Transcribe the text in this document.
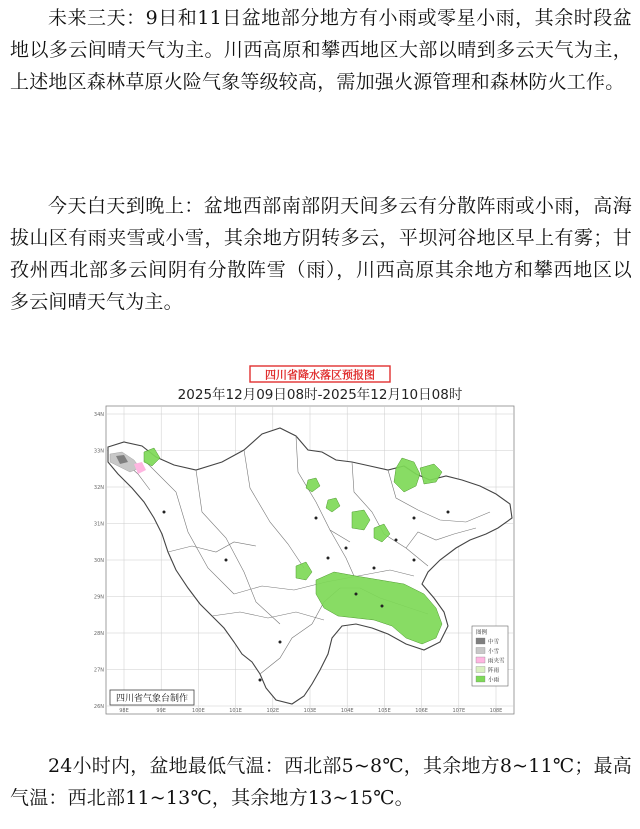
未来三天：9日和11日盆地部分地方有小雨或零星小雨，其余时段盆地以多云间晴天气为主。川西高原和攀西地区大部以晴到多云天气为主，上述地区森林草原火险气象等级较高，需加强火源管理和森林防火工作。

今天白天到晚上：盆地西部南部阴天间多云有分散阵雨或小雨，高海拔山区有雨夹雪或小雪，其余地方阴转多云，平坝河谷地区早上有雾；甘孜州西北部多云间阴有分散阵雪（雨），川西高原其余地方和攀西地区以多云间晴天气为主。

四川省降水落区预报图
2025年12月09日08时-2025年12月10日08时
34N
33N
32N
31N
30N
29N
28N
27N
26N
98E	99E	100E	101E	102E	103E	104E	105E	106E	107E	108E
图例
中雪
小雪
雨夹雪
阵雨
小雨
四川省气象台制作

24小时内，盆地最低气温：西北部5~8℃，其余地方8~11℃；最高气温：西北部11~13℃，其余地方13~15℃。
